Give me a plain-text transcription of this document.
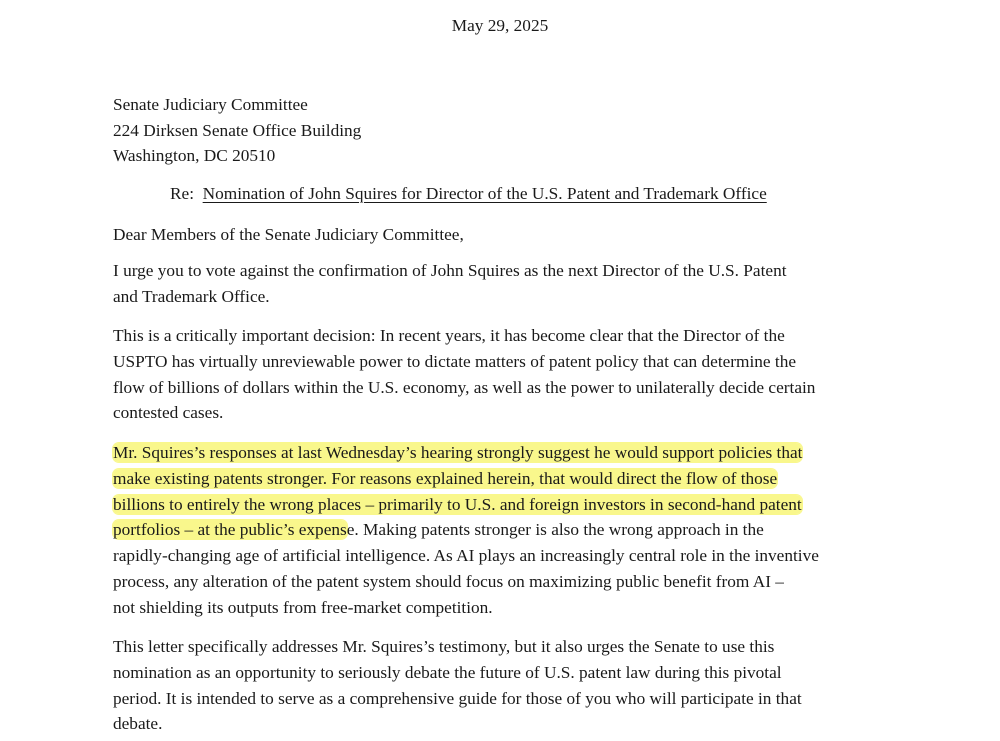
May 29, 2025
Senate Judiciary Committee
224 Dirksen Senate Office Building
Washington, DC 20510
Re: Nomination of John Squires for Director of the U.S. Patent and Trademark Office

Dear Members of the Senate Judiciary Committee,

I urge you to vote against the confirmation of John Squires as the next Director of the U.S. Patent
and Trademark Office.

This is a critically important decision: In recent years, it has become clear that the Director of the
USPTO has virtually unreviewable power to dictate matters of patent policy that can determine the
flow of billions of dollars within the U.S. economy, as well as the power to unilaterally decide certain
contested cases.

Mr. Squires’s responses at last Wednesday’s hearing strongly suggest he would support policies that
make existing patents stronger. For reasons explained herein, that would direct the flow of those
billions to entirely the wrong places – primarily to U.S. and foreign investors in second-hand patent
portfolios – at the public’s expense. Making patents stronger is also the wrong approach in the
rapidly-changing age of artificial intelligence. As AI plays an increasingly central role in the inventive
process, any alteration of the patent system should focus on maximizing public benefit from AI –
not shielding its outputs from free-market competition.

This letter specifically addresses Mr. Squires’s testimony, but it also urges the Senate to use this
nomination as an opportunity to seriously debate the future of U.S. patent law during this pivotal
period. It is intended to serve as a comprehensive guide for those of you who will participate in that
debate.
